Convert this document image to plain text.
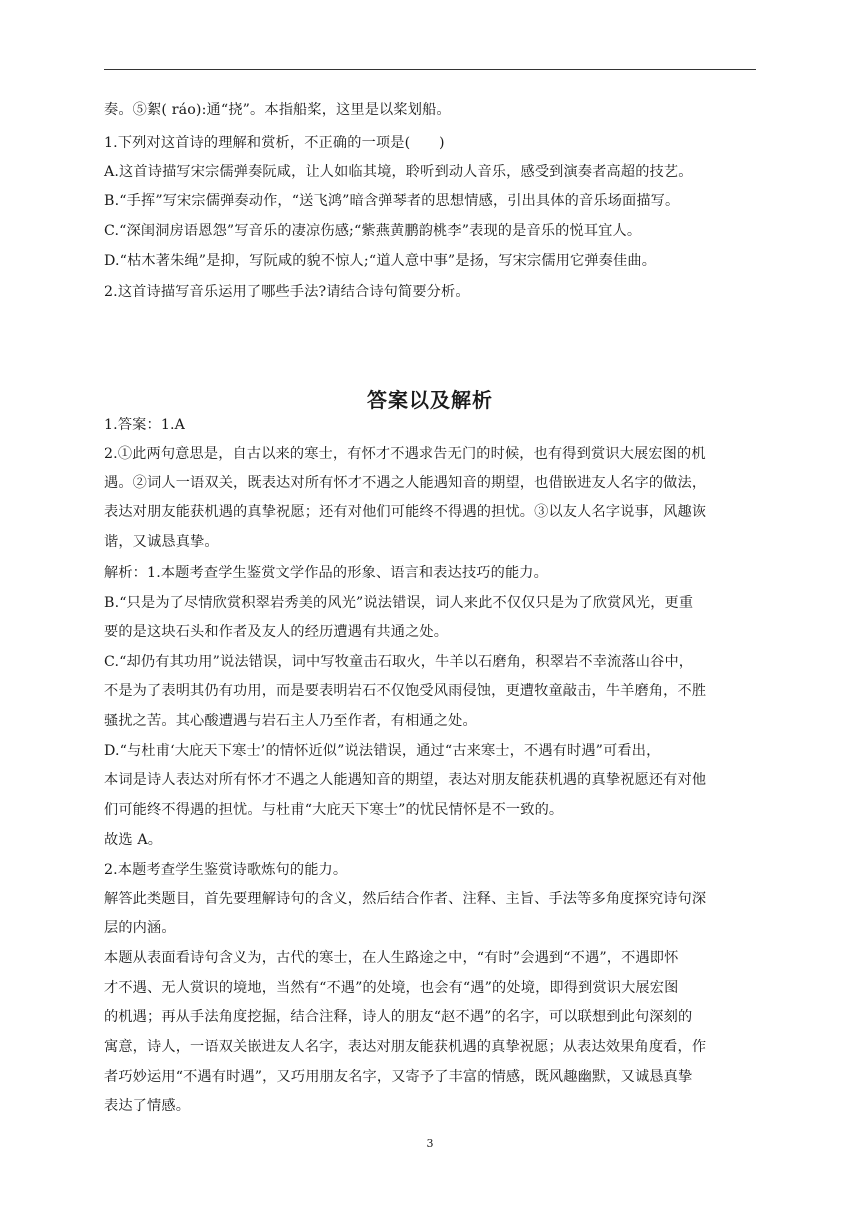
奏。⑤絮( ráo):通“挠”。本指船桨，这里是以桨划船。
1.下列对这首诗的理解和赏析，不正确的一项是(　　)
A.这首诗描写宋宗儒弹奏阮咸，让人如临其境，聆听到动人音乐，感受到演奏者高超的技艺。
B.“手挥”写宋宗儒弹奏动作，“送飞鸿”暗含弹琴者的思想情感，引出具体的音乐场面描写。
C.“深闺洞房语恩怨”写音乐的凄凉伤感;“紫燕黄鹏韵桃李”表现的是音乐的悦耳宜人。
D.“枯木著朱绳”是抑，写阮咸的貌不惊人;“道人意中事”是扬，写宋宗儒用它弹奏佳曲。
2.这首诗描写音乐运用了哪些手法?请结合诗句简要分析。
答案以及解析
1.答案：1.A
2.①此两句意思是，自古以来的寒士，有怀才不遇求告无门的时候，也有得到赏识大展宏图的机
遇。②词人一语双关，既表达对所有怀才不遇之人能遇知音的期望，也借嵌进友人名字的做法，
表达对朋友能获机遇的真挚祝愿；还有对他们可能终不得遇的担忧。③以友人名字说事，风趣诙
谐，又诚恳真挚。
解析：1.本题考查学生鉴赏文学作品的形象、语言和表达技巧的能力。
B.“只是为了尽情欣赏积翠岩秀美的风光”说法错误，词人来此不仅仅只是为了欣赏风光，更重
要的是这块石头和作者及友人的经历遭遇有共通之处。
C.“却仍有其功用”说法错误，词中写牧童击石取火，牛羊以石磨角，积翠岩不幸流落山谷中，
不是为了表明其仍有功用，而是要表明岩石不仅饱受风雨侵蚀，更遭牧童敲击，牛羊磨角，不胜
骚扰之苦。其心酸遭遇与岩石主人乃至作者，有相通之处。
D.“与杜甫‘大庇天下寒士’的情怀近似”说法错误，通过“古来寒士，不遇有时遇”可看出，
本词是诗人表达对所有怀才不遇之人能遇知音的期望，表达对朋友能获机遇的真挚祝愿还有对他
们可能终不得遇的担忧。与杜甫“大庇天下寒士”的忧民情怀是不一致的。
故选 A。
2.本题考查学生鉴赏诗歌炼句的能力。
解答此类题目，首先要理解诗句的含义，然后结合作者、注释、主旨、手法等多角度探究诗句深
层的内涵。
本题从表面看诗句含义为，古代的寒士，在人生路途之中，“有时”会遇到“不遇”，不遇即怀
才不遇、无人赏识的境地，当然有“不遇”的处境，也会有“遇”的处境，即得到赏识大展宏图
的机遇；再从手法角度挖掘，结合注释，诗人的朋友“赵不遇”的名字，可以联想到此句深刻的
寓意，诗人，一语双关嵌进友人名字，表达对朋友能获机遇的真挚祝愿；从表达效果角度看，作
者巧妙运用“不遇有时遇”，又巧用朋友名字，又寄予了丰富的情感，既风趣幽默，又诚恳真挚
表达了情感。
3
